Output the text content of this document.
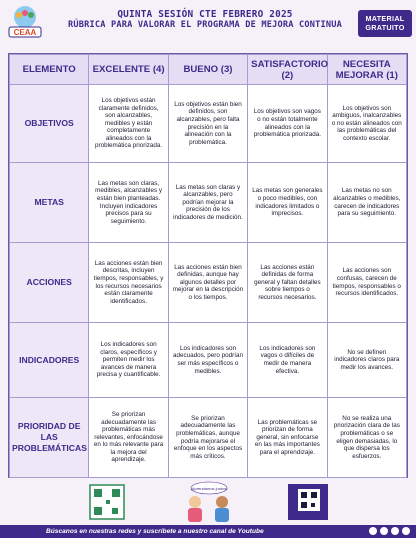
CEAA
QUINTA SESIÓN CTE FEBRERO 2025
RÚBRICA PARA VALORAR EL PROGRAMA DE MEJORA CONTINUA
MATERIAL
GRATUITO
ELEMENTO	EXCELENTE (4)	BUENO (3)	SATISFACTORIO (2)	NECESITA MEJORAR (1)
OBJETIVOS	Los objetivos están claramente definidos, son alcanzables, medibles y están completamente alineados con la problemática priorizada.	Los objetivos están bien definidos, son alcanzables, pero falta precisión en la alineación con la problemática.	Los objetivos son vagos o no están totalmente alineados con la problemática priorizada.	Los objetivos son ambiguos, inalcanzables o no están alineados con las problemáticas del contexto escolar.
METAS	Las metas son claras, medibles, alcanzables y están bien planteadas. Incluyen indicadores precisos para su seguimiento.	Las metas son claras y alcanzables, pero podrían mejorar la precisión de los indicadores de medición.	Las metas son generales o poco medibles, con indicadores limitados o imprecisos.	Las metas no son alcanzables o medibles, carecen de indicadores para su seguimiento.
ACCIONES	Las acciones están bien descritas, incluyen tiempos, responsables, y los recursos necesarios están claramente identificados.	Las acciones están bien definidas, aunque hay algunos detalles por mejorar en la descripción o los tiempos.	Las acciones están definidas de forma general y faltan detalles sobre tiempos o recursos necesarios.	Las acciones son confusas, carecen de tiempos, responsables o recursos identificados.
INDICADORES	Los indicadores son claros, específicos y permiten medir los avances de manera precisa y cuantificable.	Los indicadores son adecuados, pero podrían ser más específicos o medibles.	Los indicadores son vagos o difíciles de medir de manera efectiva.	No se definen indicadores claros para medir los avances.
PRIORIDAD DE LAS PROBLEMÁTICAS	Se priorizan adecuadamente las problemáticas más relevantes, enfocándose en lo más relevante para la mejora del aprendizaje.	Se priorizan adecuadamente las problemáticas, aunque podría mejorarse el enfoque en los aspectos más críticos.	Las problemáticas se priorizan de forma general, sin enfocarse en las más importantes para el aprendizaje.	No se realiza una priorización clara de las problemáticas o se eligen demasiadas, lo que dispersa los esfuerzos.
¡Aprendamos juntos!
Búscanos en nuestras redes y suscríbete a nuestro canal de Youtube
